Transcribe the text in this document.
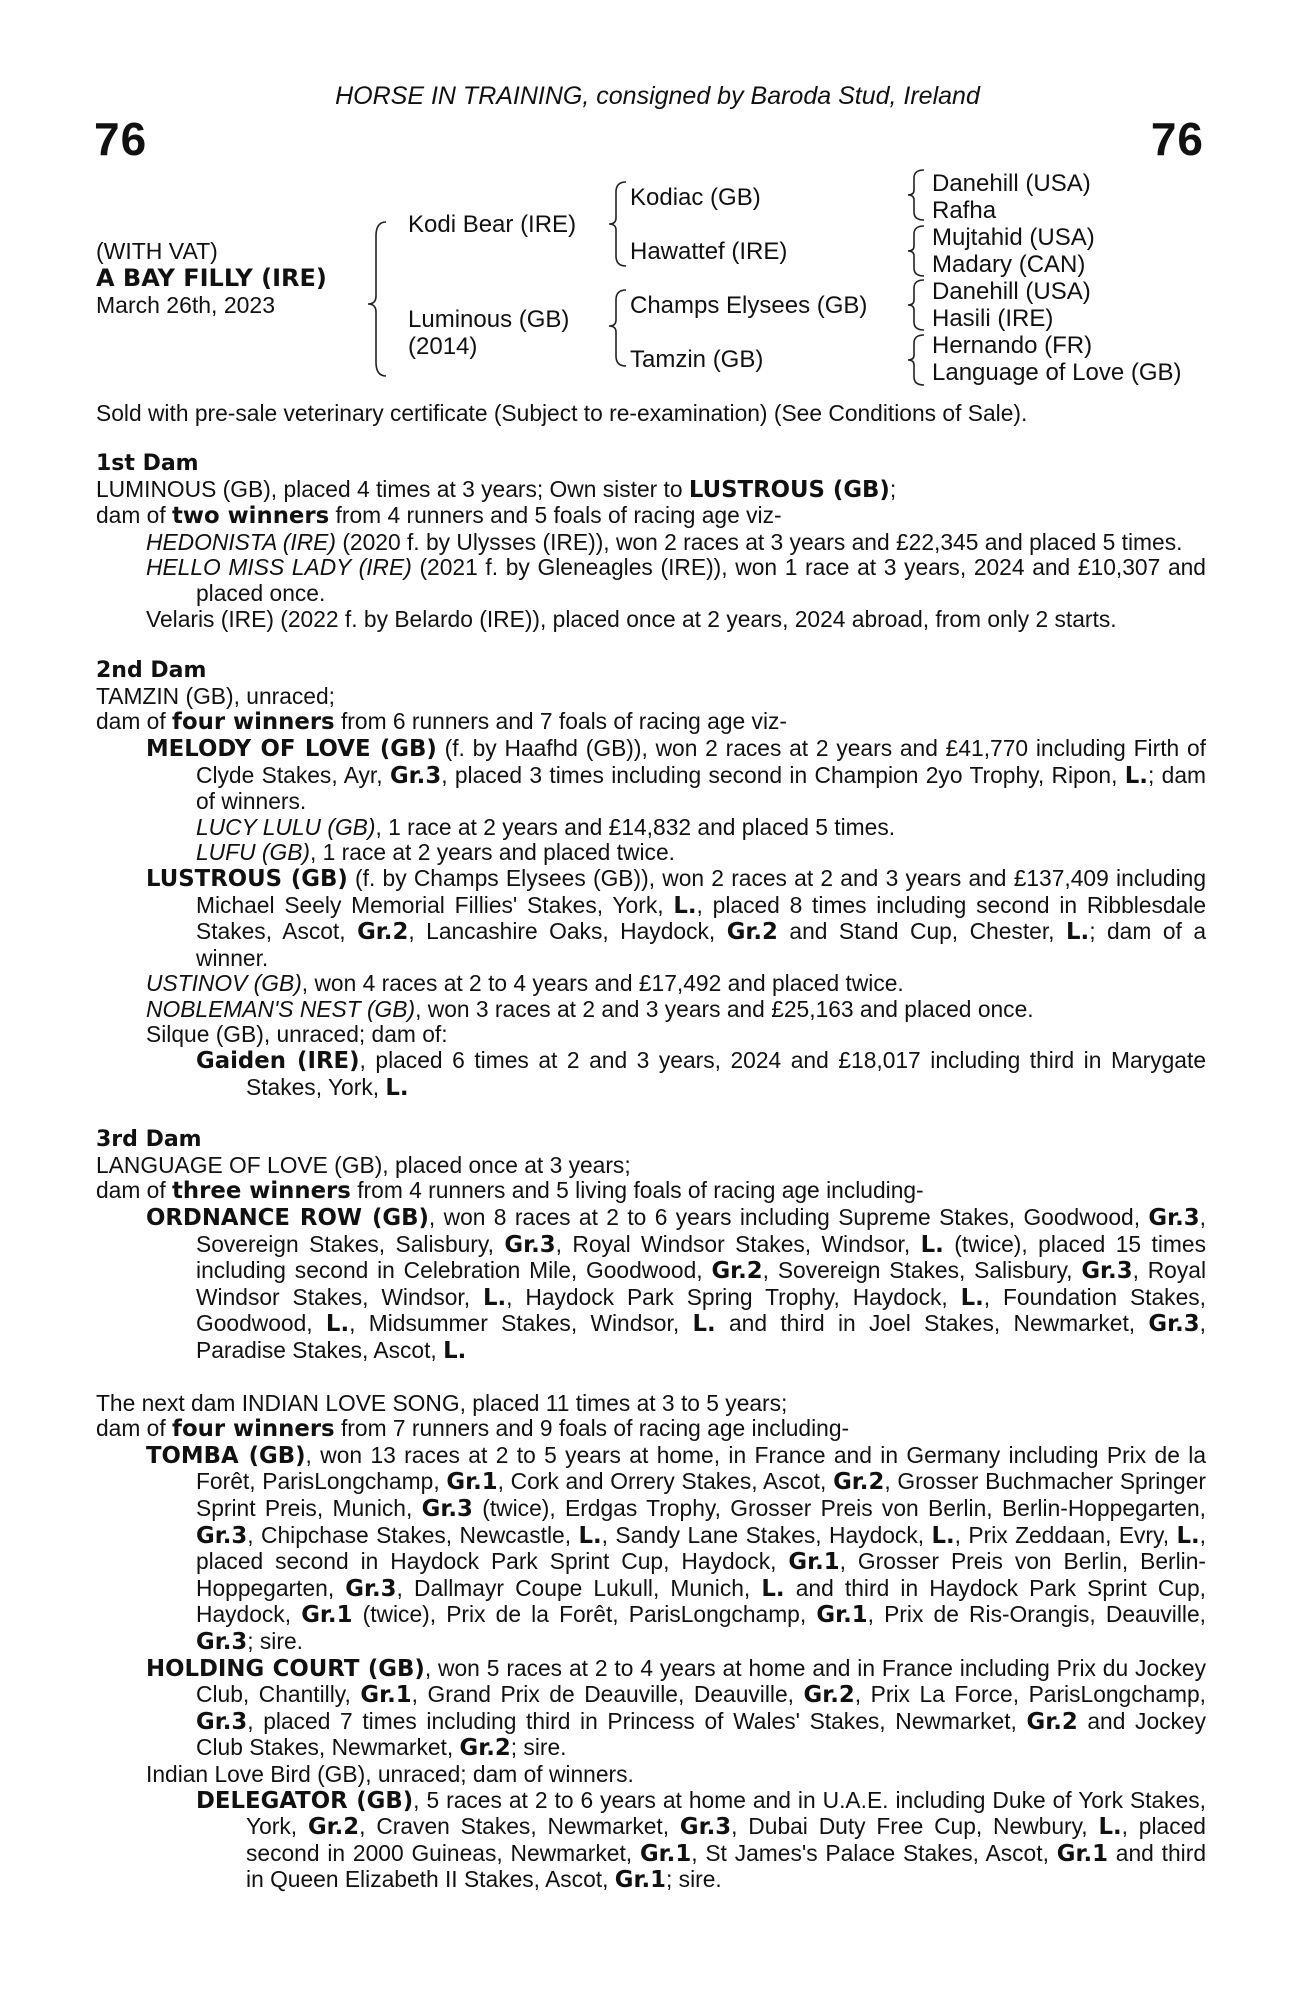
HORSE IN TRAINING, consigned by Baroda Stud, Ireland
76	76
(WITH VAT)
A BAY FILLY (IRE)
March 26th, 2023
Kodi Bear (IRE)
Luminous (GB)
(2014)
Kodiac (GB)
Hawattef (IRE)
Champs Elysees (GB)
Tamzin (GB)
Danehill (USA)
Rafha
Mujtahid (USA)
Madary (CAN)
Danehill (USA)
Hasili (IRE)
Hernando (FR)
Language of Love (GB)

Sold with pre-sale veterinary certificate (Subject to re-examination) (See Conditions of Sale).

1st Dam

LUMINOUS (GB), placed 4 times at 3 years; Own sister to LUSTROUS (GB);

dam of two winners from 4 runners and 5 foals of racing age viz-

HEDONISTA (IRE) (2020 f. by Ulysses (IRE)), won 2 races at 3 years and £22,345 and placed 5 times.

HELLO MISS LADY (IRE) (2021 f. by Gleneagles (IRE)), won 1 race at 3 years, 2024 and £10,307 and placed once.

Velaris (IRE) (2022 f. by Belardo (IRE)), placed once at 2 years, 2024 abroad, from only 2 starts.

2nd Dam

TAMZIN (GB), unraced;

dam of four winners from 6 runners and 7 foals of racing age viz-

MELODY OF LOVE (GB) (f. by Haafhd (GB)), won 2 races at 2 years and £41,770 including Firth of Clyde Stakes, Ayr, Gr.3, placed 3 times including second in Champion 2yo Trophy, Ripon, L.; dam of winners.

LUCY LULU (GB), 1 race at 2 years and £14,832 and placed 5 times.

LUFU (GB), 1 race at 2 years and placed twice.

LUSTROUS (GB) (f. by Champs Elysees (GB)), won 2 races at 2 and 3 years and £137,409 including Michael Seely Memorial Fillies' Stakes, York, L., placed 8 times including second in Ribblesdale Stakes, Ascot, Gr.2, Lancashire Oaks, Haydock, Gr.2 and Stand Cup, Chester, L.; dam of a winner.

USTINOV (GB), won 4 races at 2 to 4 years and £17,492 and placed twice.

NOBLEMAN'S NEST (GB), won 3 races at 2 and 3 years and £25,163 and placed once.

Silque (GB), unraced; dam of:

Gaiden (IRE), placed 6 times at 2 and 3 years, 2024 and £18,017 including third in Marygate Stakes, York, L.

3rd Dam

LANGUAGE OF LOVE (GB), placed once at 3 years;

dam of three winners from 4 runners and 5 living foals of racing age including-

ORDNANCE ROW (GB), won 8 races at 2 to 6 years including Supreme Stakes, Goodwood, Gr.3, Sovereign Stakes, Salisbury, Gr.3, Royal Windsor Stakes, Windsor, L. (twice), placed 15 times including second in Celebration Mile, Goodwood, Gr.2, Sovereign Stakes, Salisbury, Gr.3, Royal Windsor Stakes, Windsor, L., Haydock Park Spring Trophy, Haydock, L., Foundation Stakes, Goodwood, L., Midsummer Stakes, Windsor, L. and third in Joel Stakes, Newmarket, Gr.3, Paradise Stakes, Ascot, L.

The next dam INDIAN LOVE SONG, placed 11 times at 3 to 5 years;

dam of four winners from 7 runners and 9 foals of racing age including-

TOMBA (GB), won 13 races at 2 to 5 years at home, in France and in Germany including Prix de la Forêt, ParisLongchamp, Gr.1, Cork and Orrery Stakes, Ascot, Gr.2, Grosser Buchmacher Springer Sprint Preis, Munich, Gr.3 (twice), Erdgas Trophy, Grosser Preis von Berlin, Berlin-Hoppegarten, Gr.3, Chipchase Stakes, Newcastle, L., Sandy Lane Stakes, Haydock, L., Prix Zeddaan, Evry, L., placed second in Haydock Park Sprint Cup, Haydock, Gr.1, Grosser Preis von Berlin, Berlin-Hoppegarten, Gr.3, Dallmayr Coupe Lukull, Munich, L. and third in Haydock Park Sprint Cup, Haydock, Gr.1 (twice), Prix de la Forêt, ParisLongchamp, Gr.1, Prix de Ris-Orangis, Deauville, Gr.3; sire.

HOLDING COURT (GB), won 5 races at 2 to 4 years at home and in France including Prix du Jockey Club, Chantilly, Gr.1, Grand Prix de Deauville, Deauville, Gr.2, Prix La Force, ParisLongchamp, Gr.3, placed 7 times including third in Princess of Wales' Stakes, Newmarket, Gr.2 and Jockey Club Stakes, Newmarket, Gr.2; sire.

Indian Love Bird (GB), unraced; dam of winners.

DELEGATOR (GB), 5 races at 2 to 6 years at home and in U.A.E. including Duke of York Stakes, York, Gr.2, Craven Stakes, Newmarket, Gr.3, Dubai Duty Free Cup, Newbury, L., placed second in 2000 Guineas, Newmarket, Gr.1, St James's Palace Stakes, Ascot, Gr.1 and third in Queen Elizabeth II Stakes, Ascot, Gr.1; sire.
